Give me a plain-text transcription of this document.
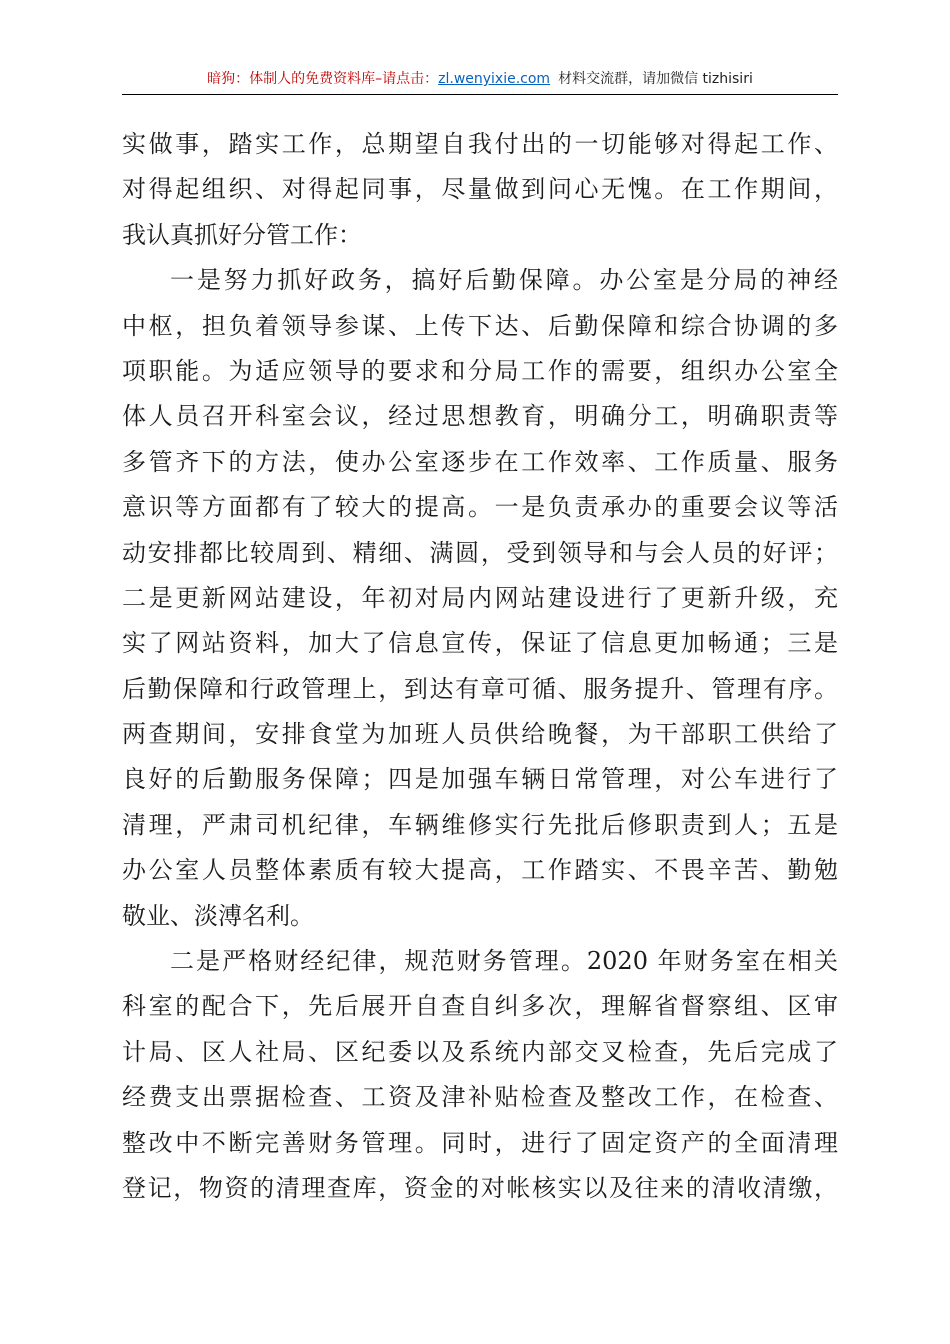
暗狗：体制人的免费资料库–请点击：zl.wenyixie.com 材料交流群，请加微信 tizhisiri
实做事，踏实工作，总期望自我付出的一切能够对得起工作、
对得起组织、对得起同事，尽量做到问心无愧。在工作期间，
我认真抓好分管工作：
一是努力抓好政务，搞好后勤保障。办公室是分局的神经
中枢，担负着领导参谋、上传下达、后勤保障和综合协调的多
项职能。为适应领导的要求和分局工作的需要，组织办公室全
体人员召开科室会议，经过思想教育，明确分工，明确职责等
多管齐下的方法，使办公室逐步在工作效率、工作质量、服务
意识等方面都有了较大的提高。一是负责承办的重要会议等活
动安排都比较周到、精细、满圆，受到领导和与会人员的好评；
二是更新网站建设，年初对局内网站建设进行了更新升级，充
实了网站资料，加大了信息宣传，保证了信息更加畅通；三是
后勤保障和行政管理上，到达有章可循、服务提升、管理有序。
两查期间，安排食堂为加班人员供给晚餐，为干部职工供给了
良好的后勤服务保障；四是加强车辆日常管理，对公车进行了
清理，严肃司机纪律，车辆维修实行先批后修职责到人；五是
办公室人员整体素质有较大提高，工作踏实、不畏辛苦、勤勉
敬业、淡溥名利。
二是严格财经纪律，规范财务管理。2020 年财务室在相关
科室的配合下，先后展开自查自纠多次，理解省督察组、区审
计局、区人社局、区纪委以及系统内部交叉检查，先后完成了
经费支出票据检查、工资及津补贴检查及整改工作，在检查、
整改中不断完善财务管理。同时，进行了固定资产的全面清理
登记，物资的清理查库，资金的对帐核实以及往来的清收清缴，
